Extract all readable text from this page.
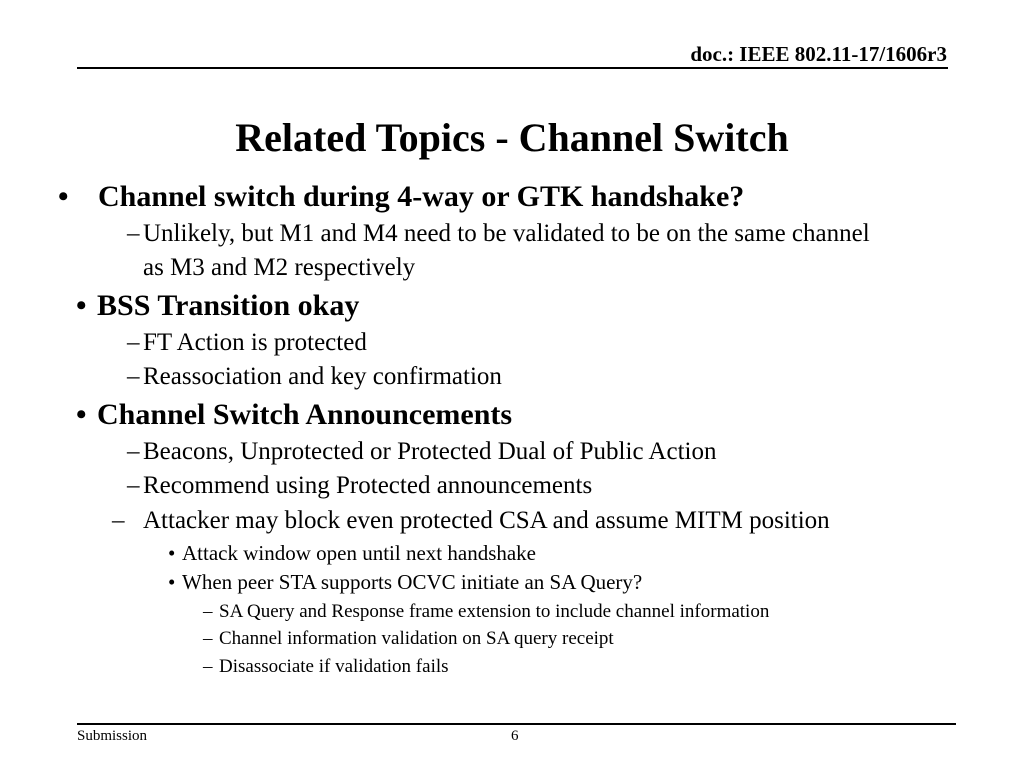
doc.: IEEE 802.11-17/1606r3
Related Topics - Channel Switch
• Channel switch during 4-way or GTK handshake?
– Unlikely, but M1 and M4 need to be validated to be on the same channel
as M3 and M2 respectively
• BSS Transition okay
– FT Action is protected
– Reassociation and key confirmation
• Channel Switch Announcements
– Beacons, Unprotected or Protected Dual of Public Action
– Recommend using Protected announcements
– Attacker may block even protected CSA and assume MITM position
• Attack window open until next handshake
• When peer STA supports OCVC initiate an SA Query?
– SA Query and Response frame extension to include channel information
– Channel information validation on SA query receipt
– Disassociate if validation fails
Submission	6
